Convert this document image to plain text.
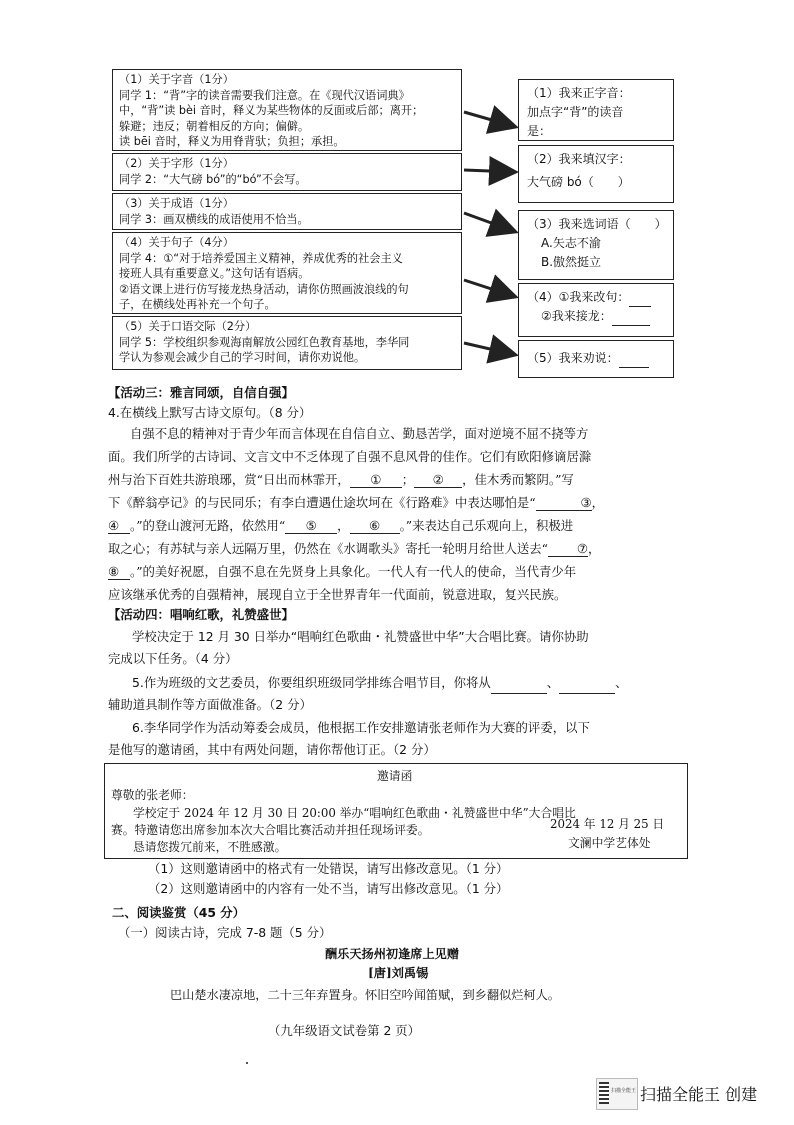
（1）关于字音（1分）
同学 1：“背”字的读音需要我们注意。在《现代汉语词典》
中，“背”读 bèi 音时，释义为某些物体的反面或后部；离开；
躲避；违反；朝着相反的方向；偏僻。
读 bēi 音时，释义为用脊背驮；负担；承担。
（2）关于字形（1分）
同学 2：“大气磅 bó”的“bó”不会写。
（3）关于成语（1分）
同学 3：画双横线的成语使用不恰当。
（4）关于句子（4分）
同学 4：①“对于培养爱国主义精神，养成优秀的社会主义
接班人具有重要意义。”这句话有语病。
②语文课上进行仿写接龙热身活动，请你仿照画波浪线的句
子，在横线处再补充一个句子。
（5）关于口语交际（2分）
同学 5：学校组织参观海南解放公园红色教育基地，李华同
学认为参观会减少自己的学习时间，请你劝说他。
（1）我来正字音：
加点字“背”的读音
是：
（2）我来填汉字：
大气磅 bó（　　）
（3）我来选词语（　　）
A.矢志不渝
B.傲然挺立
（4）①我来改句：
②我来接龙：
（5）我来劝说：
【活动三：雅言同颂，自信自强】
4.在横线上默写古诗文原句。（8 分）
自强不息的精神对于青少年而言体现在自信自立、勤恳苦学，面对逆境不屈不挠等方
面。我们所学的古诗词、文言文中不乏体现了自强不息风骨的佳作。它们有欧阳修谪居滁
州与治下百姓共游琅琊，赏“日出而林霏开， ① ； ② ，佳木秀而繁阴。”写
下《醉翁亭记》的与民同乐；有李白遭遇仕途坎坷在《行路难》中表达哪怕是“	③，
④ 。”的登山渡河无路，依然用“ ⑤ ， ⑥ 。”来表达自己乐观向上，积极进
取之心；有苏轼与亲人远隔万里，仍然在《水调歌头》寄托一轮明月给世人送去“ ⑦，
⑧ 。”的美好祝愿，自强不息在先贤身上具象化。一代人有一代人的使命，当代青少年
应该继承优秀的自强精神，展现自立于全世界青年一代面前，锐意进取，复兴民族。
【活动四：唱响红歌，礼赞盛世】
学校决定于 12 月 30 日举办“唱响红色歌曲・礼赞盛世中华”大合唱比赛。请你协助
完成以下任务。（4 分）
5.作为班级的文艺委员，你要组织班级同学排练合唱节目，你将从	、	、
辅助道具制作等方面做准备。（2 分）
6.李华同学作为活动筹委会成员，他根据工作安排邀请张老师作为大赛的评委，以下
是他写的邀请函，其中有两处问题，请你帮他订正。（2 分）
邀请函
尊敬的张老师：
学校定于 2024 年 12 月 30 日 20:00 举办“唱响红色歌曲・礼赞盛世中华”大合唱比
赛。特邀请您出席参加本次大合唱比赛活动并担任现场评委。
恳请您拨冗前来，不胜感激。
2024 年 12 月 25 日
文澜中学艺体处
（1）这则邀请函中的格式有一处错误，请写出修改意见。（1 分）
（2）这则邀请函中的内容有一处不当，请写出修改意见。（1 分）
二、阅读鉴赏（45 分）
（一）阅读古诗，完成 7-8 题（5 分）
酬乐天扬州初逢席上见赠
[唐]刘禹锡
巴山楚水凄凉地，二十三年弃置身。怀旧空吟闻笛赋，到乡翻似烂柯人。
（九年级语文试卷第 2 页）
扫描全能王 扫描全能王 创建
